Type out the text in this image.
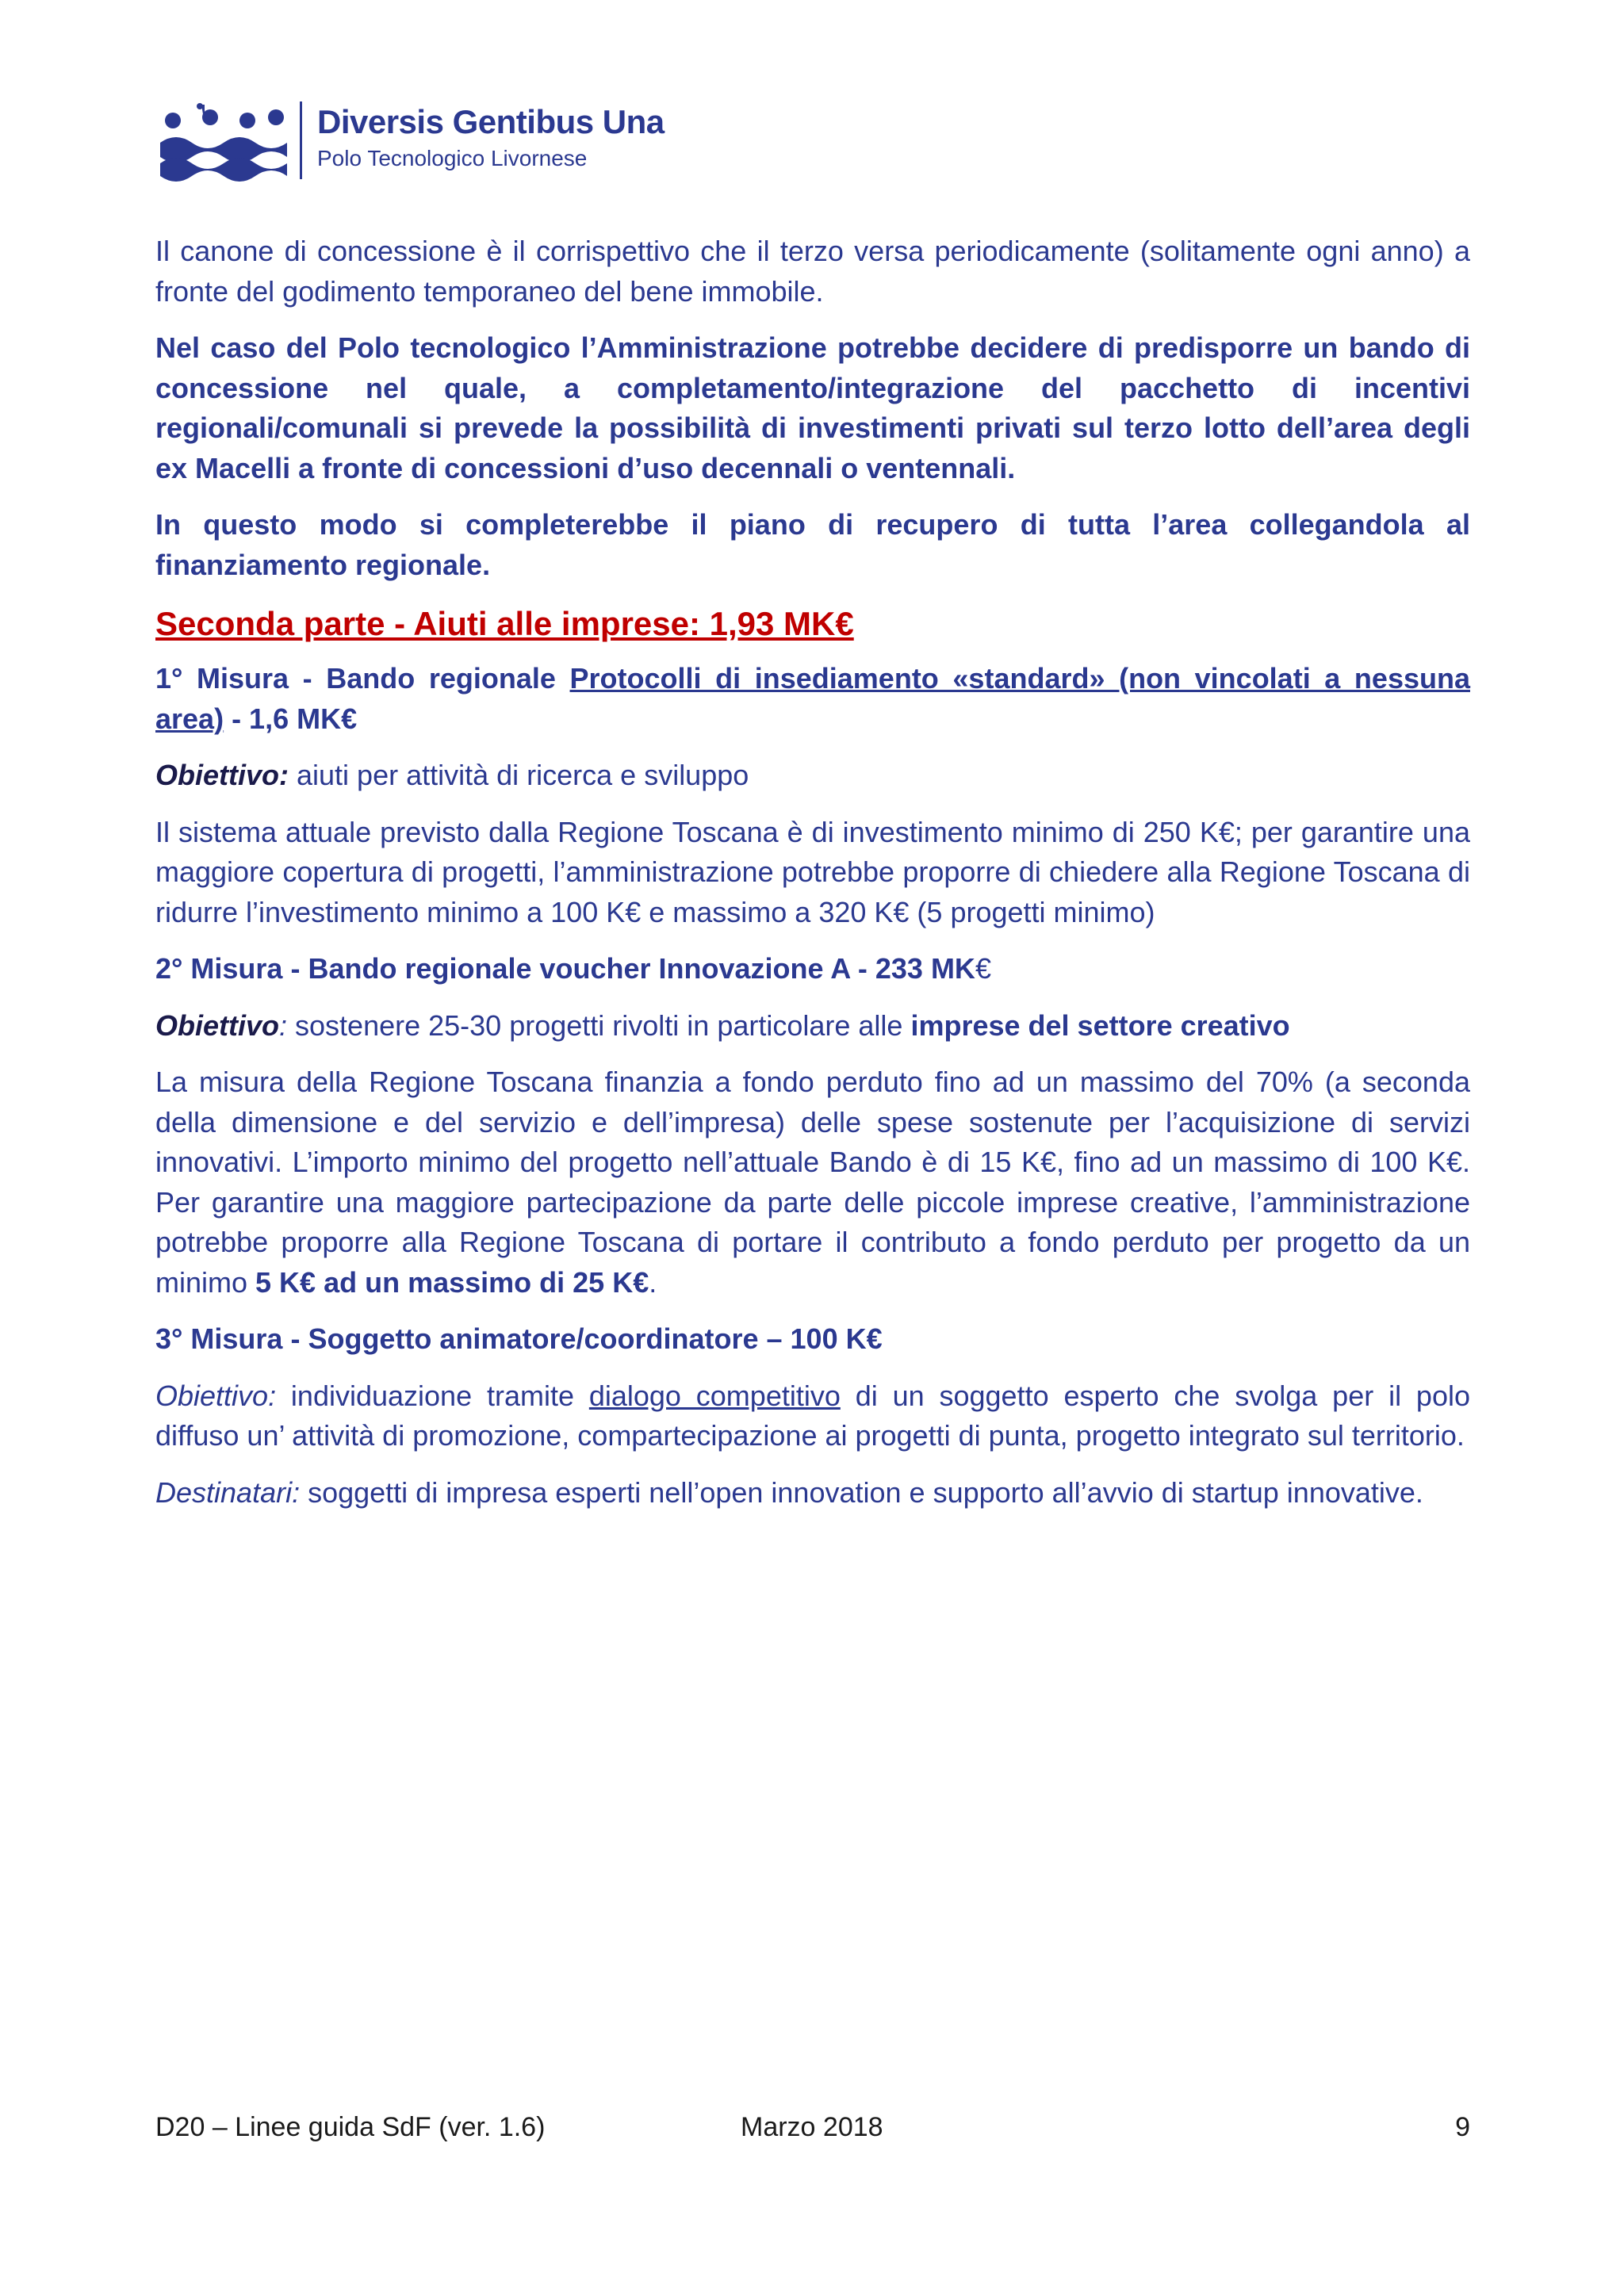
Diversis Gentibus Una
Polo Tecnologico Livornese

Il canone di concessione è il corrispettivo che il terzo versa periodicamente (solitamente ogni anno) a fronte del godimento temporaneo del bene immobile.

Nel caso del Polo tecnologico l’Amministrazione potrebbe decidere di predisporre un bando di concessione nel quale, a completamento/integrazione del pacchetto di incentivi regionali/comunali si prevede la possibilità di investimenti privati sul terzo lotto dell’area degli ex Macelli a fronte di concessioni d’uso decennali o ventennali.

In questo modo si completerebbe il piano di recupero di tutta l’area collegandola al finanziamento regionale.

Seconda parte - Aiuti alle imprese: 1,93 MK€

1° Misura - Bando regionale Protocolli di insediamento «standard» (non vincolati a nessuna area) - 1,6 MK€

Obiettivo: aiuti per attività di ricerca e sviluppo

Il sistema attuale previsto dalla Regione Toscana è di investimento minimo di 250 K€; per garantire una maggiore copertura di progetti, l’amministrazione potrebbe proporre di chiedere alla Regione Toscana di ridurre l’investimento minimo a 100 K€ e massimo a 320 K€ (5 progetti minimo)

2° Misura - Bando regionale voucher Innovazione A - 233 MK€

Obiettivo: sostenere 25-30 progetti rivolti in particolare alle imprese del settore creativo

La misura della Regione Toscana finanzia a fondo perduto fino ad un massimo del 70% (a seconda della dimensione e del servizio e dell’impresa) delle spese sostenute per l’acquisizione di servizi innovativi. L’importo minimo del progetto nell’attuale Bando è di 15 K€, fino ad un massimo di 100 K€. Per garantire una maggiore partecipazione da parte delle piccole imprese creative, l’amministrazione potrebbe proporre alla Regione Toscana di portare il contributo a fondo perduto per progetto da un minimo 5 K€ ad un massimo di 25 K€.

3° Misura - Soggetto animatore/coordinatore – 100 K€

Obiettivo: individuazione tramite dialogo competitivo di un soggetto esperto che svolga per il polo diffuso un’ attività di promozione, compartecipazione ai progetti di punta, progetto integrato sul territorio.

Destinatari: soggetti di impresa esperti nell’open innovation e supporto all’avvio di startup innovative.

D20 – Linee guida SdF (ver. 1.6)	Marzo 2018	9
